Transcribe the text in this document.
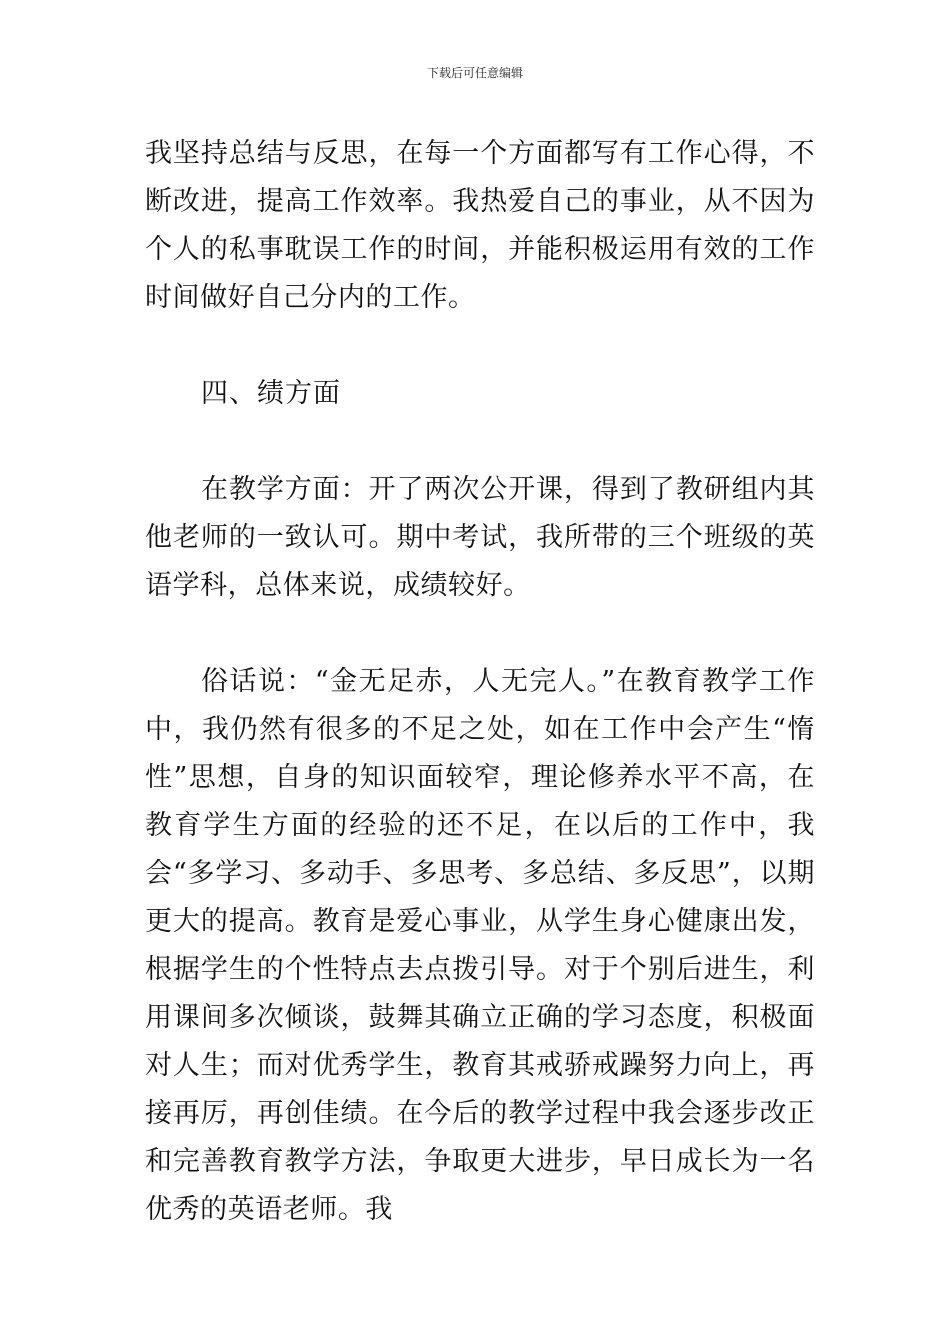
下载后可任意编辑

我坚持总结与反思，在每一个方面都写有工作心得，不断改进，提高工作效率。我热爱自己的事业，从不因为个人的私事耽误工作的时间，并能积极运用有效的工作时间做好自己分内的工作。

四、绩方面

在教学方面：开了两次公开课，得到了教研组内其他老师的一致认可。期中考试，我所带的三个班级的英语学科，总体来说，成绩较好。

俗话说：“金无足赤，人无完人。”在教育教学工作中，我仍然有很多的不足之处，如在工作中会产生“惰性”思想，自身的知识面较窄，理论修养水平不高，在教育学生方面的经验的还不足，在以后的工作中，我会“多学习、多动手、多思考、多总结、多反思”，以期更大的提高。教育是爱心事业，从学生身心健康出发，根据学生的个性特点去点拨引导。对于个别后进生，利用课间多次倾谈，鼓舞其确立正确的学习态度，积极面对人生；而对优秀学生，教育其戒骄戒躁努力向上，再接再厉，再创佳绩。在今后的教学过程中我会逐步改正和完善教育教学方法，争取更大进步，早日成长为一名优秀的英语老师。我
